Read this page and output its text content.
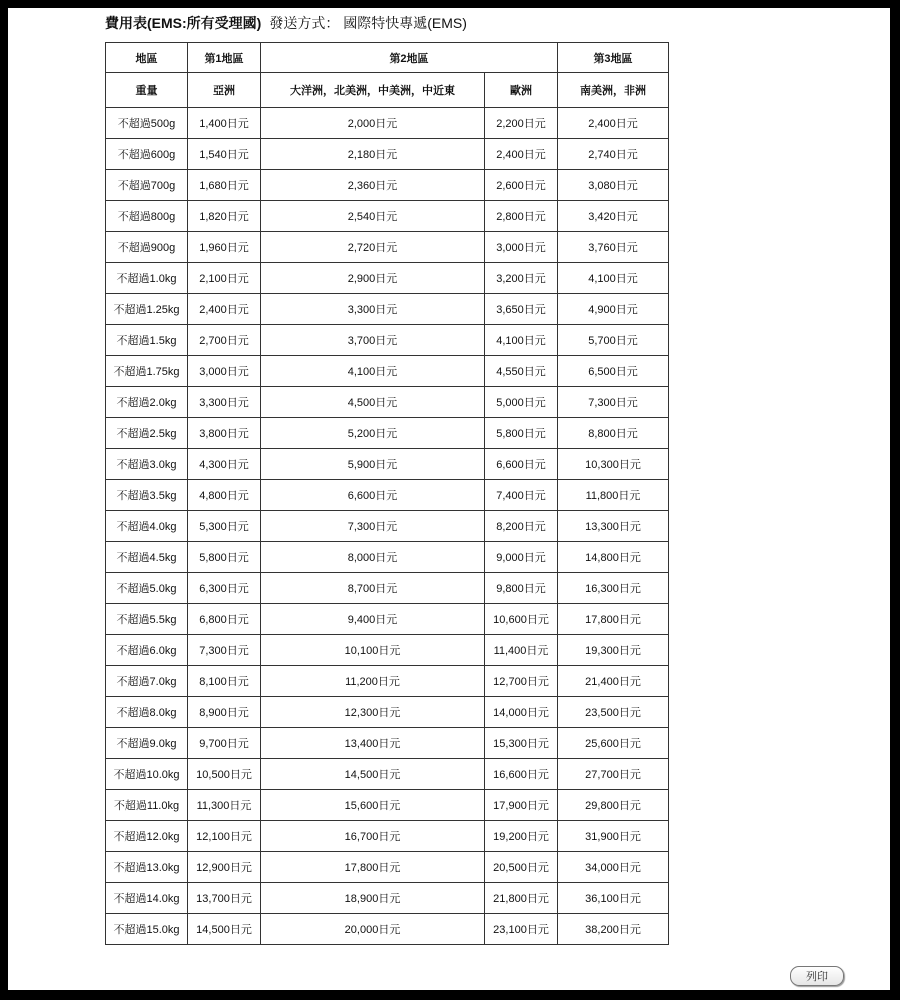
費用表(EMS:所有受理國) 發送方式： 國際特快專遞(EMS)
地區	第1地區	第2地區		第3地區
重量	亞洲	大洋洲，北美洲，中美洲，中近東	歐洲	南美洲，非洲
不超過500g	1,400日元	2,000日元	2,200日元	2,400日元
不超過600g	1,540日元	2,180日元	2,400日元	2,740日元
不超過700g	1,680日元	2,360日元	2,600日元	3,080日元
不超過800g	1,820日元	2,540日元	2,800日元	3,420日元
不超過900g	1,960日元	2,720日元	3,000日元	3,760日元
不超過1.0kg	2,100日元	2,900日元	3,200日元	4,100日元
不超過1.25kg	2,400日元	3,300日元	3,650日元	4,900日元
不超過1.5kg	2,700日元	3,700日元	4,100日元	5,700日元
不超過1.75kg	3,000日元	4,100日元	4,550日元	6,500日元
不超過2.0kg	3,300日元	4,500日元	5,000日元	7,300日元
不超過2.5kg	3,800日元	5,200日元	5,800日元	8,800日元
不超過3.0kg	4,300日元	5,900日元	6,600日元	10,300日元
不超過3.5kg	4,800日元	6,600日元	7,400日元	11,800日元
不超過4.0kg	5,300日元	7,300日元	8,200日元	13,300日元
不超過4.5kg	5,800日元	8,000日元	9,000日元	14,800日元
不超過5.0kg	6,300日元	8,700日元	9,800日元	16,300日元
不超過5.5kg	6,800日元	9,400日元	10,600日元	17,800日元
不超過6.0kg	7,300日元	10,100日元	11,400日元	19,300日元
不超過7.0kg	8,100日元	11,200日元	12,700日元	21,400日元
不超過8.0kg	8,900日元	12,300日元	14,000日元	23,500日元
不超過9.0kg	9,700日元	13,400日元	15,300日元	25,600日元
不超過10.0kg	10,500日元	14,500日元	16,600日元	27,700日元
不超過11.0kg	11,300日元	15,600日元	17,900日元	29,800日元
不超過12.0kg	12,100日元	16,700日元	19,200日元	31,900日元
不超過13.0kg	12,900日元	17,800日元	20,500日元	34,000日元
不超過14.0kg	13,700日元	18,900日元	21,800日元	36,100日元
不超過15.0kg	14,500日元	20,000日元	23,100日元	38,200日元
列印
